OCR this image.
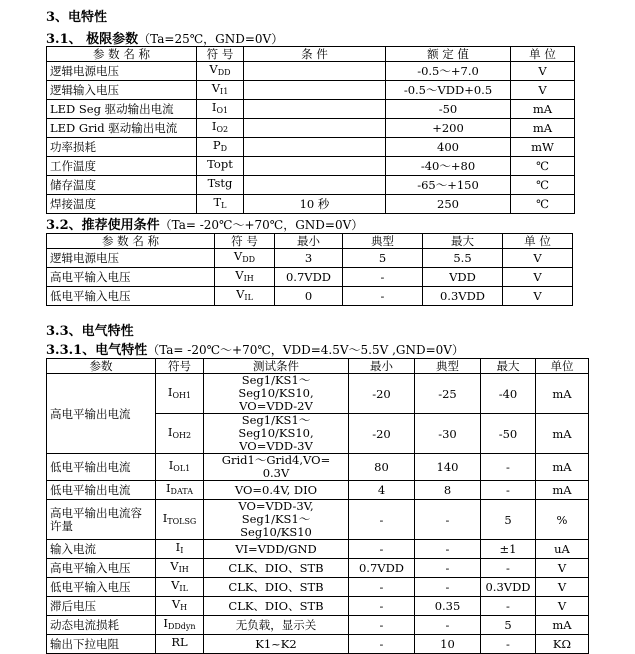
3、电特性
3.1、 极限参数（Ta=25℃，GND=0V）
参 数 名 称	符 号	条 件	额 定 值	单 位
逻辑电源电压	$V_{DD}$		-0.5～+7.0	V
逻辑输入电压	$V_{I1}$		-0.5～VDD+0.5	V
LED Seg 驱动输出电流	$I_{O1}$		-50	mA
LED Grid 驱动输出电流	$I_{O2}$		+200	mA
功率损耗	$P_D$		400	mW
工作温度	Topt		-40～+80	℃
储存温度	Tstg		-65～+150	℃
焊接温度	$T_L$	10 秒	250	℃
3.2、推荐使用条件（Ta= -20℃～+70℃，GND=0V）
参 数 名 称	符 号	最小	典型	最大	单 位
逻辑电源电压	$V_{DD}$	3	5	5.5	V
高电平输入电压	$V_{IH}$	0.7VDD	-	VDD	V
低电平输入电压	$V_{IL}$	0	-	0.3VDD	V
3.3、电气特性
3.3.1、电气特性（Ta= -20℃～+70℃，VDD=4.5V～5.5V ,GND=0V）
参数	符号	测试条件	最小	典型	最大	单位
高电平输出电流	$I_{OH1}$	Seg1/KS1～Seg10/KS10,
VO=VDD-2V	-20	-25	-40	mA
	$I_{OH2}$	Seg1/KS1～Seg10/KS10,
VO=VDD-3V	-20	-30	-50	mA
低电平输出电流	$I_{OL1}$	Grid1～Grid4,VO= 0.3V	80	140	-	mA
低电平输出电流	$I_{DATA}$	VO=0.4V, DIO	4	8	-	mA
高电平输出电流容许量	$I_{TOLSG}$	VO=VDD-3V,
Seg1/KS1～Seg10/KS10	-	-	5	%
输入电流	$I_I$	VI=VDD/GND	-	-	±1	uA
高电平输入电压	$V_{IH}$	CLK、DIO、STB	0.7VDD	-	-	V
低电平输入电压	$V_{IL}$	CLK、DIO、STB	-	-	0.3VDD	V
滞后电压	$V_H$	CLK、DIO、STB	-	0.35	-	V
动态电流损耗	$I_{DDdyn}$	无负载，显示关	-	-	5	mA
输出下拉电阻	RL	K1~K2	-	10	-	KΩ
